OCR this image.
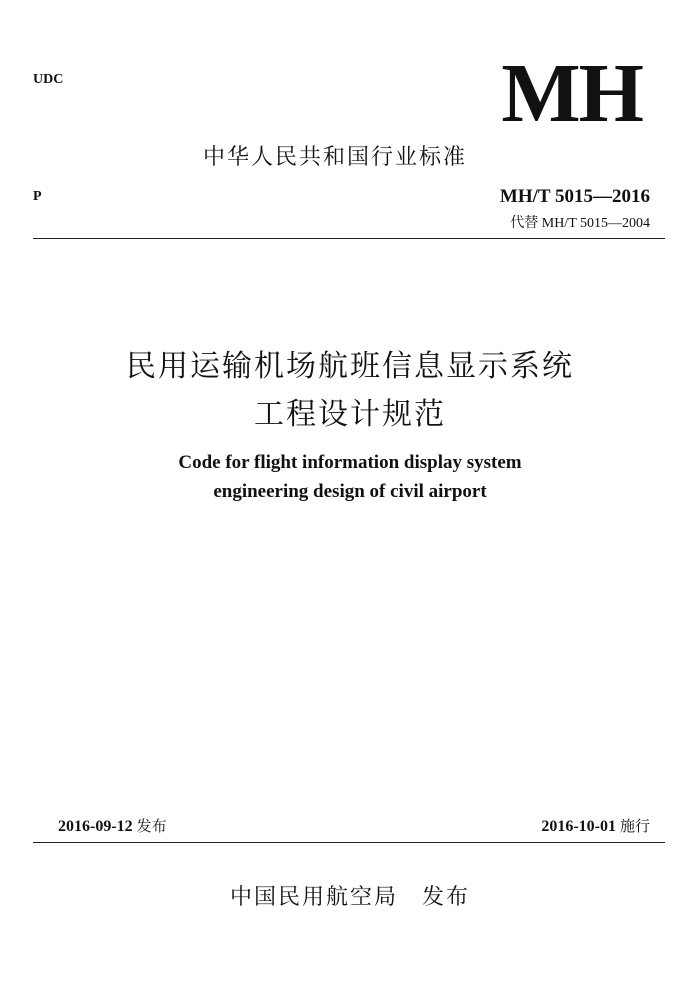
UDC	MH
中华人民共和国行业标准
P	MH/T 5015—2016
代替 MH/T 5015—2004
民用运输机场航班信息显示系统
工程设计规范
Code for flight information display system
engineering design of civil airport
2016-09-12 发布	2016-10-01 施行
中国民用航空局 发布
